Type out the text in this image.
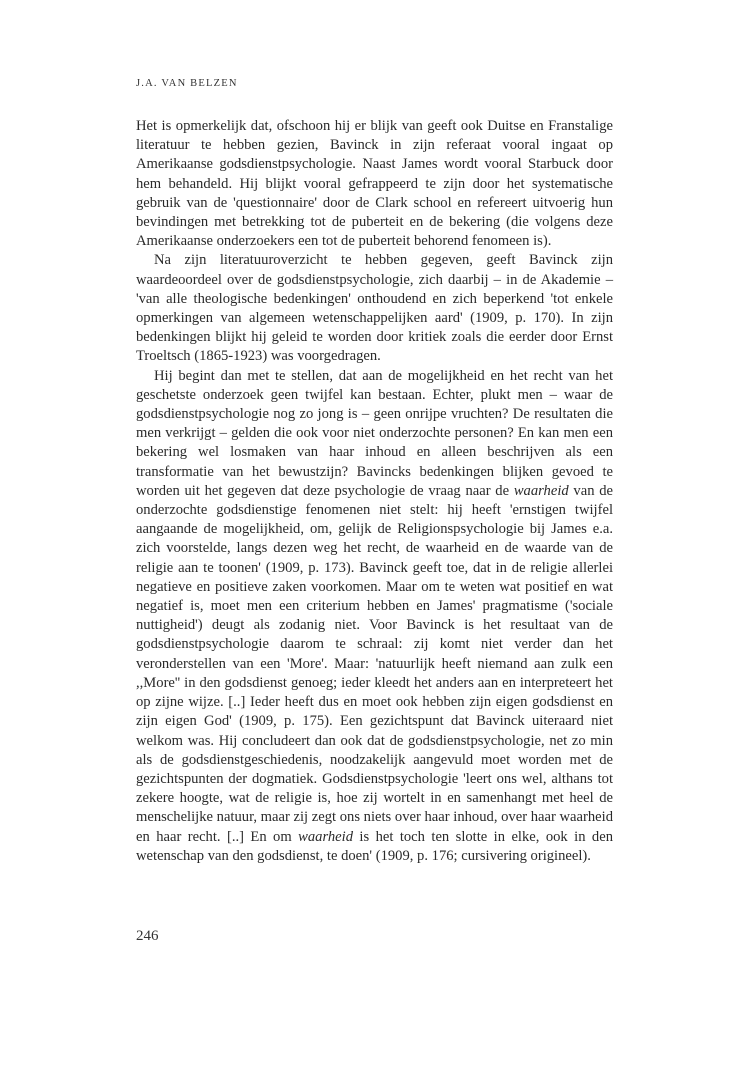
J.A. VAN BELZEN

Het is opmerkelijk dat, ofschoon hij er blijk van geeft ook Duitse en Franstalige literatuur te hebben gezien, Bavinck in zijn referaat vooral ingaat op Amerikaanse godsdienstpsychologie. Naast James wordt vooral Starbuck door hem behandeld. Hij blijkt vooral gefrappeerd te zijn door het systematische gebruik van de 'questionnaire' door de Clark school en refereert uitvoerig hun bevindingen met betrekking tot de puberteit en de bekering (die volgens deze Amerikaanse onderzoekers een tot de puberteit behorend fenomeen is).

Na zijn literatuuroverzicht te hebben gegeven, geeft Bavinck zijn waardeoordeel over de godsdienstpsychologie, zich daarbij – in de Akademie – 'van alle theologische bedenkingen' onthoudend en zich beperkend 'tot enkele opmerkingen van algemeen wetenschappelijken aard' (1909, p. 170). In zijn bedenkingen blijkt hij geleid te worden door kritiek zoals die eerder door Ernst Troeltsch (1865-1923) was voorgedragen.

Hij begint dan met te stellen, dat aan de mogelijkheid en het recht van het geschetste onderzoek geen twijfel kan bestaan. Echter, plukt men – waar de godsdienstpsychologie nog zo jong is – geen onrijpe vruchten? De resultaten die men verkrijgt – gelden die ook voor niet onderzochte personen? En kan men een bekering wel losmaken van haar inhoud en alleen beschrijven als een transformatie van het bewustzijn? Bavincks bedenkingen blijken gevoed te worden uit het gegeven dat deze psychologie de vraag naar de waarheid van de onderzochte godsdienstige fenomenen niet stelt: hij heeft 'ernstigen twijfel aangaande de mogelijkheid, om, gelijk de Religionspsychologie bij James e.a. zich voorstelde, langs dezen weg het recht, de waarheid en de waarde van de religie aan te toonen' (1909, p. 173). Bavinck geeft toe, dat in de religie allerlei negatieve en positieve zaken voorkomen. Maar om te weten wat positief en wat negatief is, moet men een criterium hebben en James' pragmatisme ('sociale nuttigheid') deugt als zodanig niet. Voor Bavinck is het resultaat van de godsdienstpsychologie daarom te schraal: zij komt niet verder dan het veronderstellen van een 'More'. Maar: 'natuurlijk heeft niemand aan zulk een ,,More'' in den godsdienst genoeg; ieder kleedt het anders aan en interpreteert het op zijne wijze. [..] Ieder heeft dus en moet ook hebben zijn eigen godsdienst en zijn eigen God' (1909, p. 175). Een gezichtspunt dat Bavinck uiteraard niet welkom was. Hij concludeert dan ook dat de godsdienstpsychologie, net zo min als de godsdienstgeschiedenis, noodzakelijk aangevuld moet worden met de gezichtspunten der dogmatiek. Godsdienstpsychologie 'leert ons wel, althans tot zekere hoogte, wat de religie is, hoe zij wortelt in en samenhangt met heel de menschelijke natuur, maar zij zegt ons niets over haar inhoud, over haar waarheid en haar recht. [..] En om waarheid is het toch ten slotte in elke, ook in den wetenschap van den godsdienst, te doen' (1909, p. 176; cursivering origineel).

246
